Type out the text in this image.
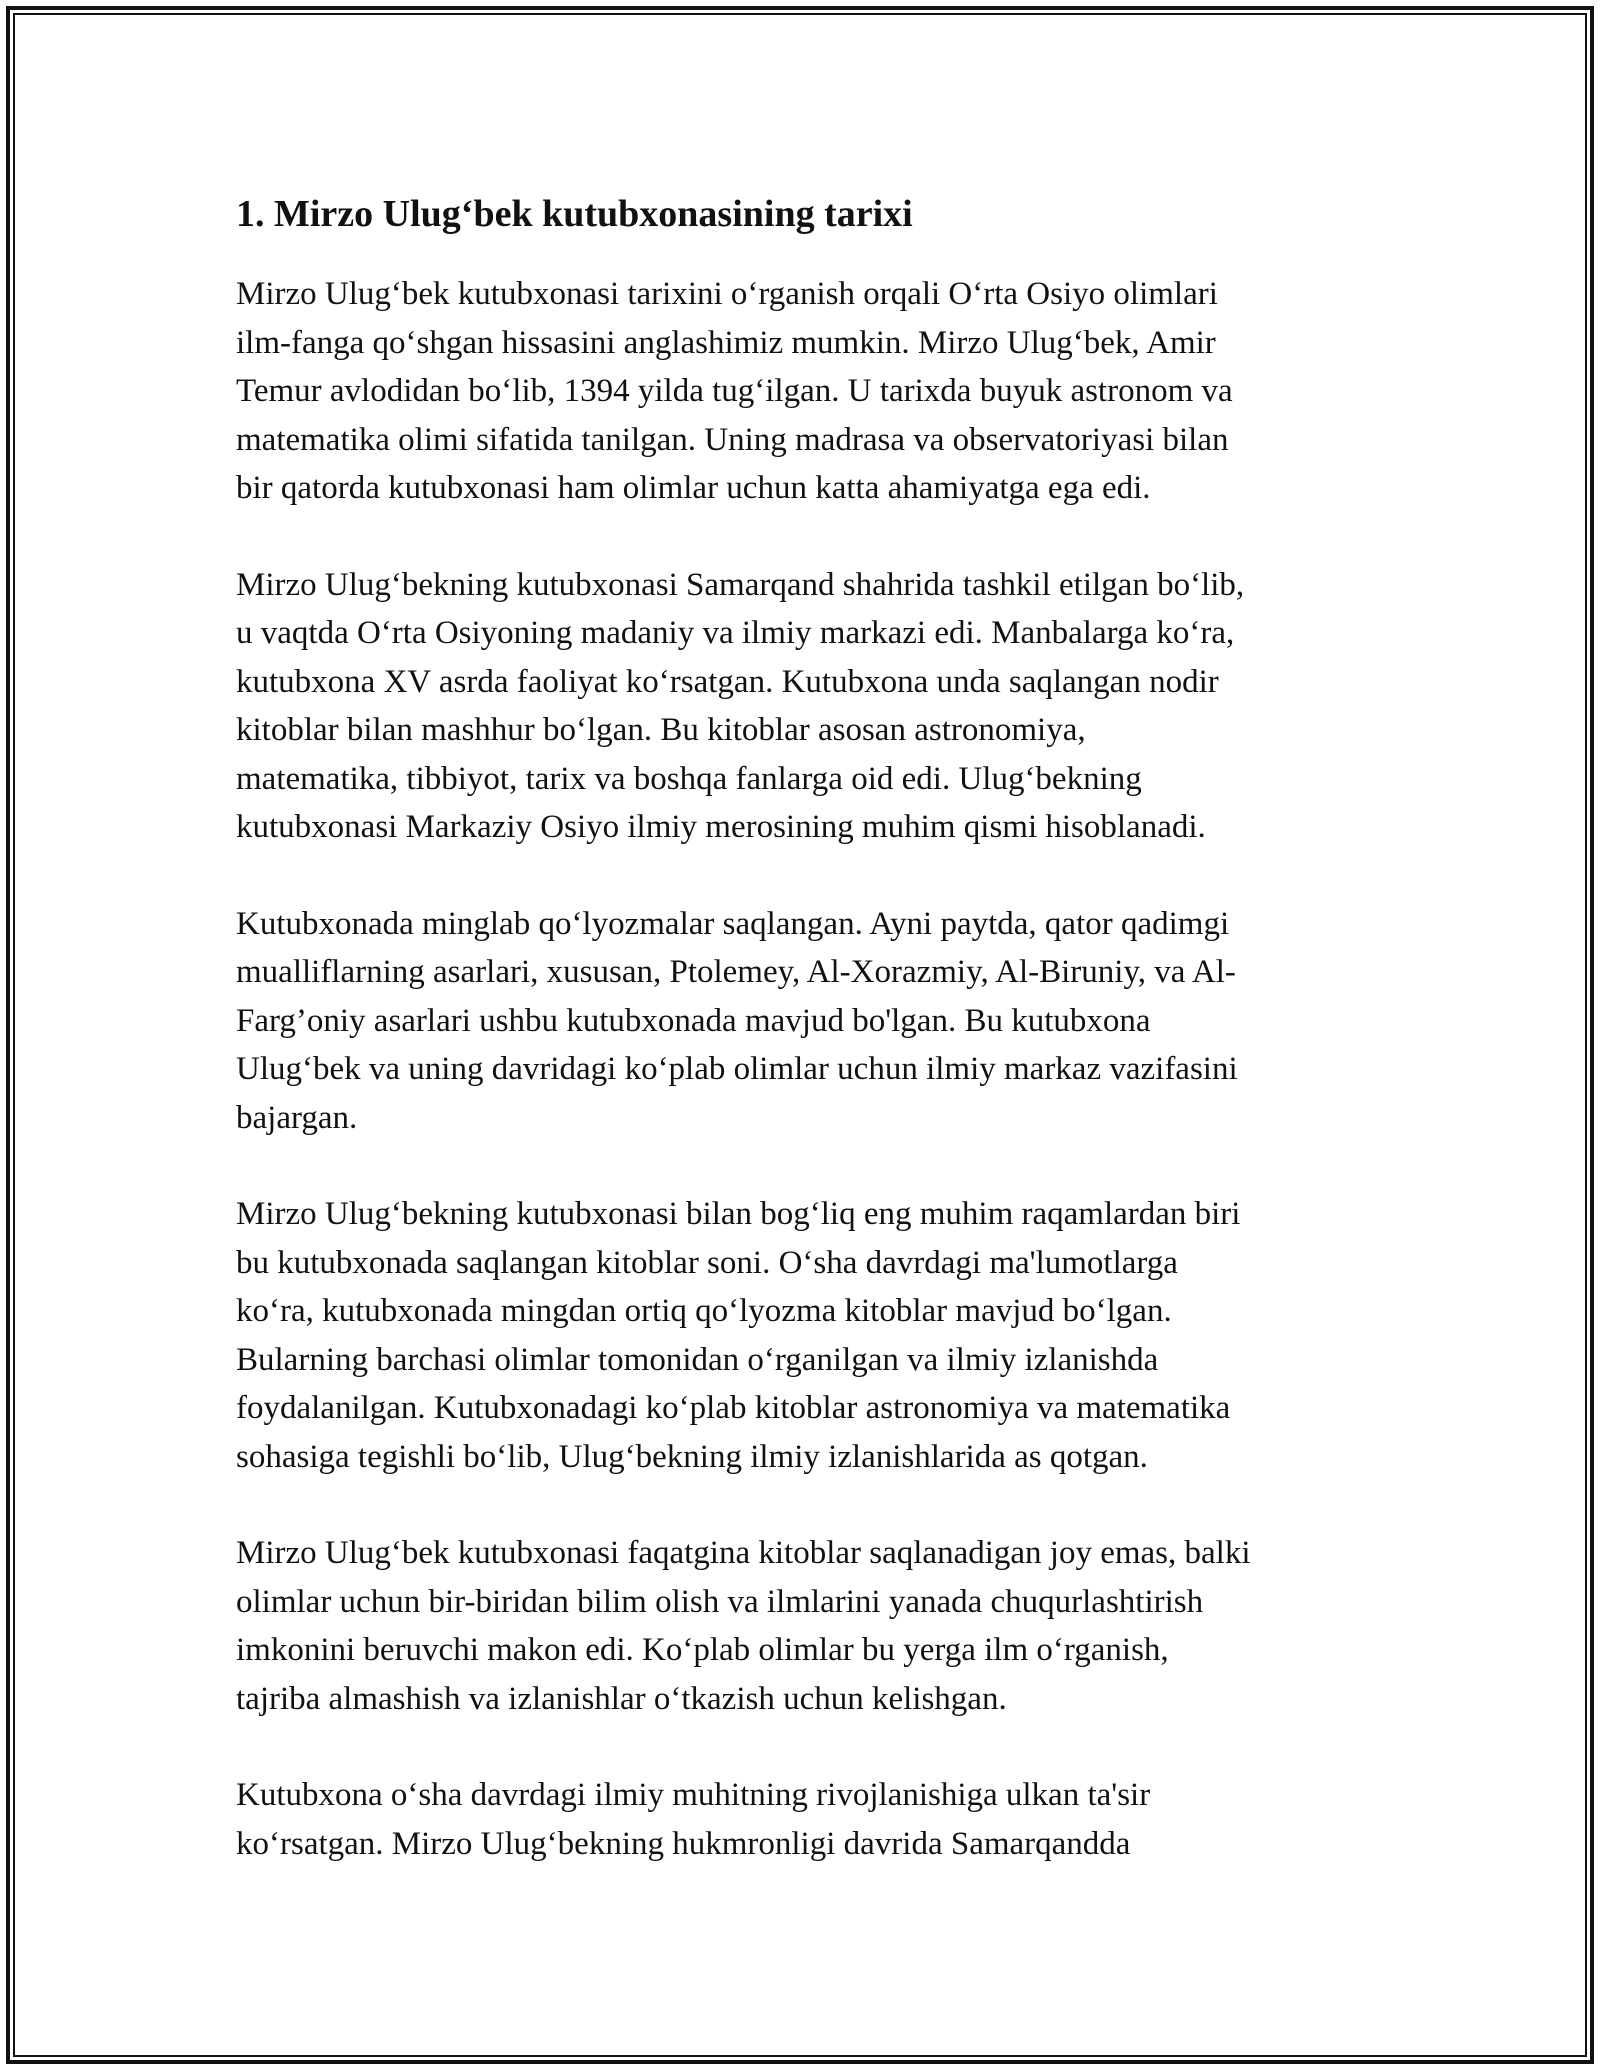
1. Mirzo Ulug‘bek kutubxonasining tarixi

Mirzo Ulug‘bek kutubxonasi tarixini o‘rganish orqali O‘rta Osiyo olimlari
ilm-fanga qo‘shgan hissasini anglashimiz mumkin. Mirzo Ulug‘bek, Amir
Temur avlodidan bo‘lib, 1394 yilda tug‘ilgan. U tarixda buyuk astronom va
matematika olimi sifatida tanilgan. Uning madrasa va observatoriyasi bilan
bir qatorda kutubxonasi ham olimlar uchun katta ahamiyatga ega edi.

Mirzo Ulug‘bekning kutubxonasi Samarqand shahrida tashkil etilgan bo‘lib,
u vaqtda O‘rta Osiyoning madaniy va ilmiy markazi edi. Manbalarga ko‘ra,
kutubxona XV asrda faoliyat ko‘rsatgan. Kutubxona unda saqlangan nodir
kitoblar bilan mashhur bo‘lgan. Bu kitoblar asosan astronomiya,
matematika, tibbiyot, tarix va boshqa fanlarga oid edi. Ulug‘bekning
kutubxonasi Markaziy Osiyo ilmiy merosining muhim qismi hisoblanadi.

Kutubxonada minglab qo‘lyozmalar saqlangan. Ayni paytda, qator qadimgi
mualliflarning asarlari, xususan, Ptolemey, Al-Xorazmiy, Al-Biruniy, va Al-
Farg’oniy asarlari ushbu kutubxonada mavjud bo'lgan. Bu kutubxona
Ulug‘bek va uning davridagi ko‘plab olimlar uchun ilmiy markaz vazifasini
bajargan.

Mirzo Ulug‘bekning kutubxonasi bilan bog‘liq eng muhim raqamlardan biri
bu kutubxonada saqlangan kitoblar soni. O‘sha davrdagi ma'lumotlarga
ko‘ra, kutubxonada mingdan ortiq qo‘lyozma kitoblar mavjud bo‘lgan.
Bularning barchasi olimlar tomonidan o‘rganilgan va ilmiy izlanishda
foydalanilgan. Kutubxonadagi ko‘plab kitoblar astronomiya va matematika
sohasiga tegishli bo‘lib, Ulug‘bekning ilmiy izlanishlarida as qotgan.

Mirzo Ulug‘bek kutubxonasi faqatgina kitoblar saqlanadigan joy emas, balki
olimlar uchun bir-biridan bilim olish va ilmlarini yanada chuqurlashtirish
imkonini beruvchi makon edi. Ko‘plab olimlar bu yerga ilm o‘rganish,
tajriba almashish va izlanishlar o‘tkazish uchun kelishgan.

Kutubxona o‘sha davrdagi ilmiy muhitning rivojlanishiga ulkan ta'sir
ko‘rsatgan. Mirzo Ulug‘bekning hukmronligi davrida Samarqandda
